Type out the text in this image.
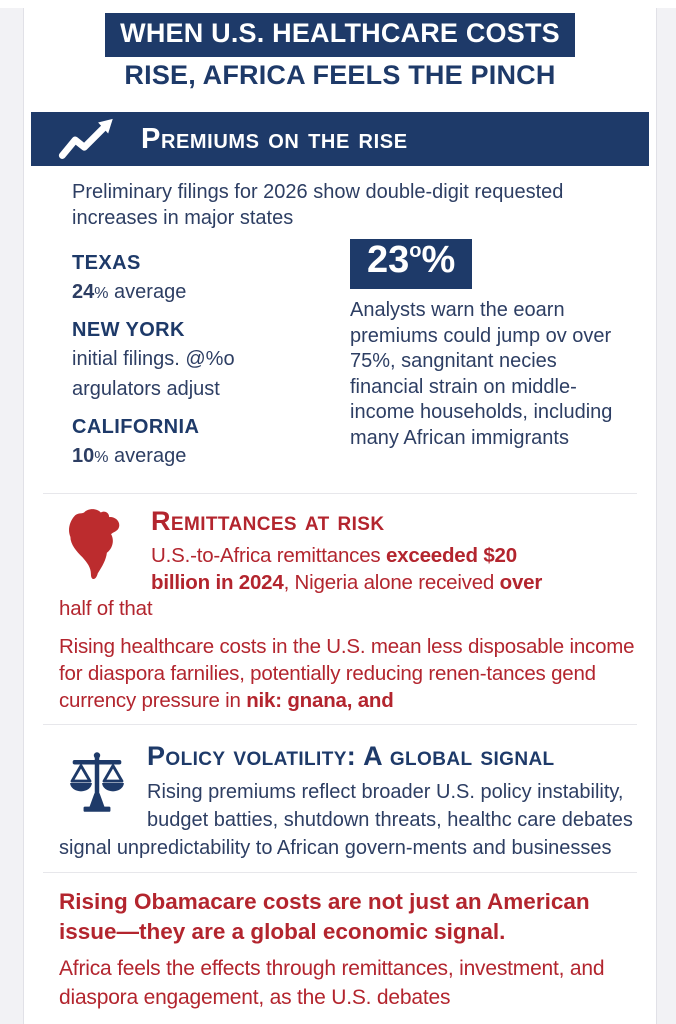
WHEN U.S. HEALTHCARE COSTS
RISE, AFRICA FEELS THE PINCH
Premiums on the rise

Preliminary filings for 2026 show double-digit requested increases in major states

TEXAS
24% average
NEW YORK
initial filings. @%o
argulators adjust
CALIFORNIA
10% average
23o%

Analysts warn the eoarn premiums could jump ov over 75%, sangnitant necies financial strain on middle-income households, including many African immigrants

Remittances at risk

U.S.-to-Africa remittances exceeded $20 billion in 2024, Nigeria alone received over half of that

Rising healthcare costs in the U.S. mean less disposable income for diaspora farnilies, potentially reducing renen-tances gend currency pressure in nik: gnana, and

Policy volatility: A global signal

Rising premiums reflect broader U.S. policy instability, budget batties, shutdown threats, healthc care debates signal unpredictability to African govern-ments and businesses

Rising Obamacare costs are not just an American issue—they are a global economic signal.

Africa feels the effects through remittances, investment, and diaspora engagement, as the U.S. debates
